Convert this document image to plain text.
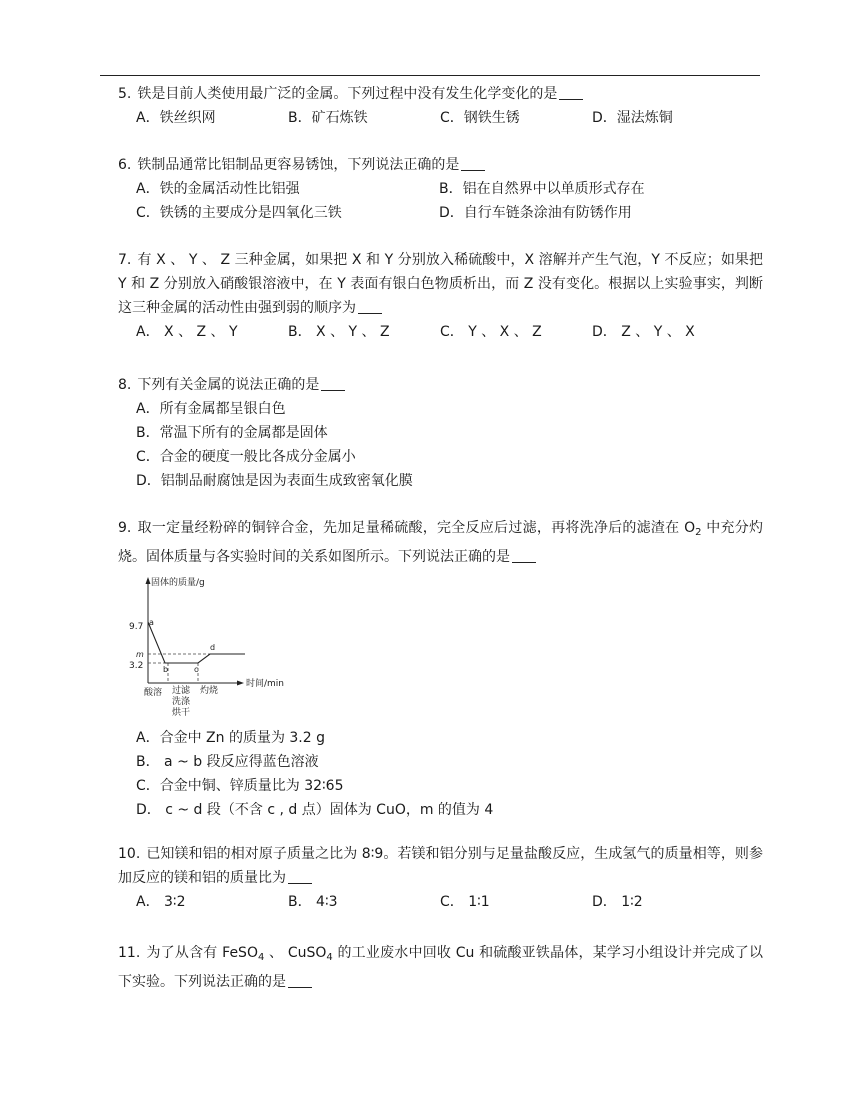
5. 铁是目前人类使用最广泛的金属。下列过程中没有发生化学变化的是

A．铁丝织网	B．矿石炼铁	C．钢铁生锈	D．湿法炼铜

6. 铁制品通常比铝制品更容易锈蚀，下列说法正确的是

A．铁的金属活动性比铝强	B．铝在自然界中以单质形式存在
C．铁锈的主要成分是四氧化三铁	D．自行车链条涂油有防锈作用

7. 有 X 、 Y 、 Z 三种金属，如果把 X 和 Y 分别放入稀硫酸中，X 溶解并产生气泡，Y 不反应；如果把 Y 和 Z 分别放入硝酸银溶液中，在 Y 表面有银白色物质析出，而 Z 没有变化。根据以上实验事实，判断这三种金属的活动性由强到弱的顺序为

A． X 、 Z 、 Y	B． X 、 Y 、 Z	C． Y 、 X 、 Z	D． Z 、 Y 、 X

8. 下列有关金属的说法正确的是

A．所有金属都呈银白色
B．常温下所有的金属都是固体
C．合金的硬度一般比各成分金属小
D．铝制品耐腐蚀是因为表面生成致密氧化膜

9. 取一定量经粉碎的铜锌合金，先加足量稀硫酸，完全反应后过滤，再将洗净后的滤渣在 $O_2$ 中充分灼烧。固体质量与各实验时间的关系如图所示。下列说法正确的是

固体的质量/g
时间/min
9.7
m
3.2
a
b	c
d
酸溶 过滤
洗涤
烘干
灼烧
A．合金中 Zn 的质量为 3.2 g
B． a ~ b 段反应得蓝色溶液
C．合金中铜、锌质量比为 32∶65
D． c ~ d 段（不含 c , d 点）固体为 CuO，m 的值为 4

10. 已知镁和铝的相对原子质量之比为 8∶9。若镁和铝分别与足量盐酸反应，生成氢气的质量相等，则参加反应的镁和铝的质量比为

A． 3∶2	B． 4∶3	C． 1∶1	D． 1∶2

11. 为了从含有 FeSO$_4$ 、 CuSO$_4$ 的工业废水中回收 Cu 和硫酸亚铁晶体，某学习小组设计并完成了以下实验。下列说法正确的是
